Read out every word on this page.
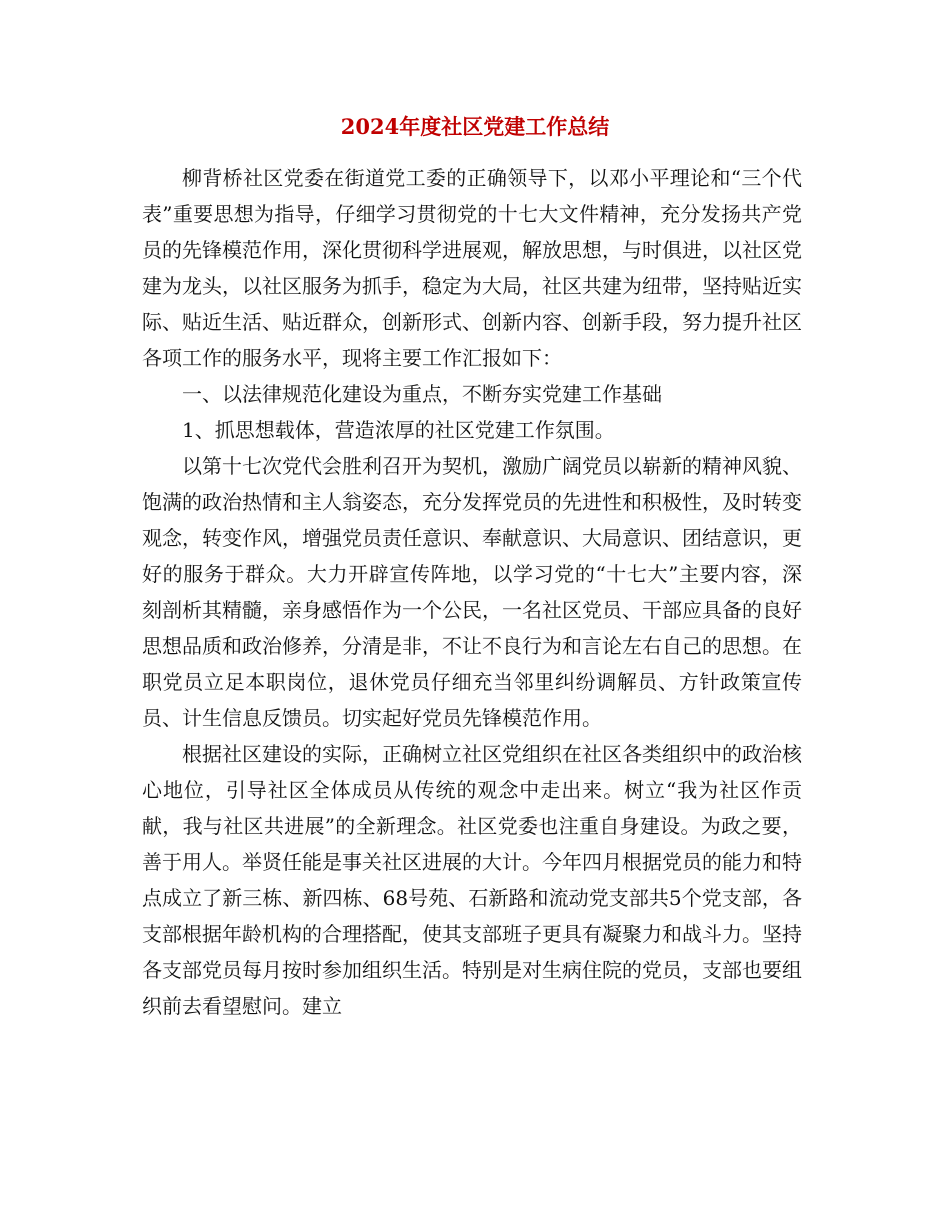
2024年度社区党建工作总结

柳背桥社区党委在街道党工委的正确领导下，以邓小平理论和“三个代表”重要思想为指导，仔细学习贯彻党的十七大文件精神，充分发扬共产党员的先锋模范作用，深化贯彻科学进展观，解放思想，与时俱进，以社区党建为龙头，以社区服务为抓手，稳定为大局，社区共建为纽带，坚持贴近实际、贴近生活、贴近群众，创新形式、创新内容、创新手段，努力提升社区各项工作的服务水平，现将主要工作汇报如下：

一、以法律规范化建设为重点，不断夯实党建工作基础

1、抓思想载体，营造浓厚的社区党建工作氛围。

以第十七次党代会胜利召开为契机，激励广阔党员以崭新的精神风貌、饱满的政治热情和主人翁姿态，充分发挥党员的先进性和积极性，及时转变观念，转变作风，增强党员责任意识、奉献意识、大局意识、团结意识，更好的服务于群众。大力开辟宣传阵地，以学习党的“十七大”主要内容，深刻剖析其精髓，亲身感悟作为一个公民，一名社区党员、干部应具备的良好思想品质和政治修养，分清是非，不让不良行为和言论左右自己的思想。在职党员立足本职岗位，退休党员仔细充当邻里纠纷调解员、方针政策宣传员、计生信息反馈员。切实起好党员先锋模范作用。

根据社区建设的实际，正确树立社区党组织在社区各类组织中的政治核心地位，引导社区全体成员从传统的观念中走出来。树立“我为社区作贡献，我与社区共进展”的全新理念。社区党委也注重自身建设。为政之要，善于用人。举贤任能是事关社区进展的大计。今年四月根据党员的能力和特点成立了新三栋、新四栋、68号苑、石新路和流动党支部共5个党支部，各支部根据年龄机构的合理搭配，使其支部班子更具有凝聚力和战斗力。坚持各支部党员每月按时参加组织生活。特别是对生病住院的党员，支部也要组织前去看望慰问。建立
